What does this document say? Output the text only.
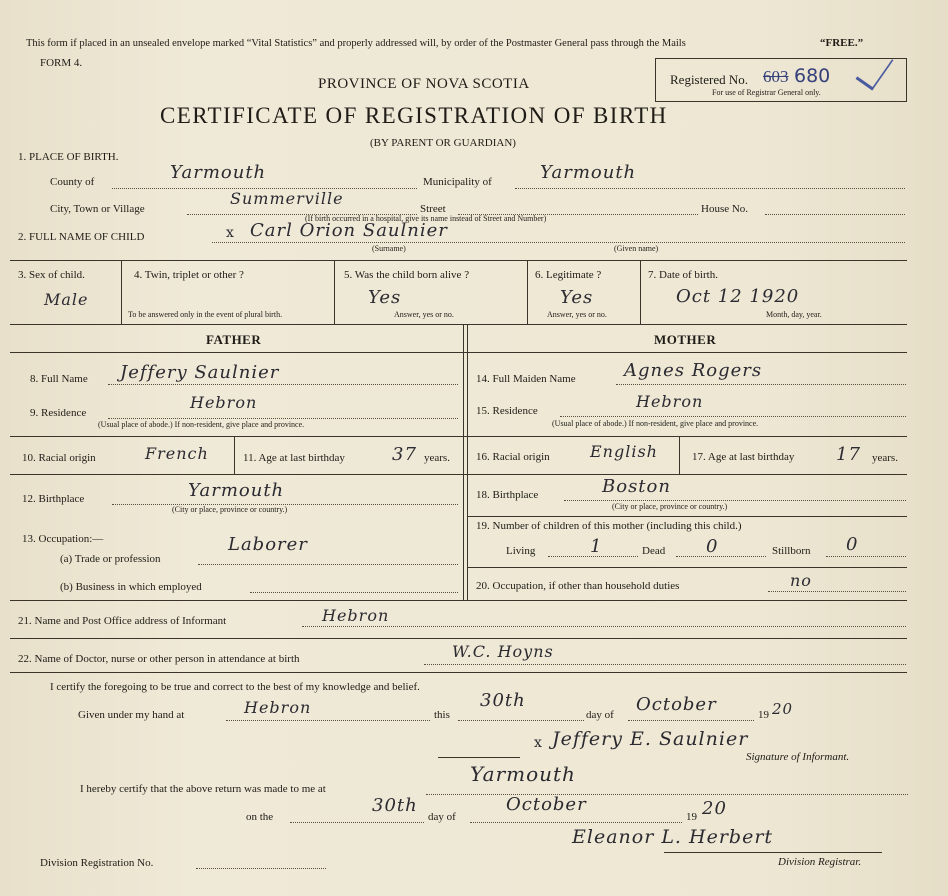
This form if placed in an unsealed envelope marked “Vital Statistics” and properly addressed will, by order of the Postmaster General pass through the Mails	“FREE.”
FORM 4.
PROVINCE OF NOVA SCOTIA
CERTIFICATE OF REGISTRATION OF BIRTH
(BY PARENT OR GUARDIAN)
Registered No. 603 680
For use of Registrar General only.
1. PLACE OF BIRTH.
County of	Yarmouth	Municipality of	Yarmouth
City, Town or Village
Summerville
Street	House No.
(If birth occurred in a hospital, give its name instead of Street and Number)
2. FULL NAME OF CHILD	x Carl Orion Saulnier
(Surname)	(Given name)
3. Sex of child.
Male
4. Twin, triplet or other ?
To be answered only in the event of plural birth.
5. Was the child born alive ?
Yes
Answer, yes or no.
6. Legitimate ?
Yes
Answer, yes or no.
7. Date of birth.
Oct 12 1920
Month, day, year.
FATHER	MOTHER
8. Full Name Jeffery Saulnier
9. Residence
Hebron
(Usual place of abode.) If non-resident, give place and province.
10. Racial origin	French	11. Age at last birthday	37 years.
12. Birthplace	Yarmouth
(City or place, province or country.)
13. Occupation:—
(a) Trade or profession
Laborer
(b) Business in which employed
14. Full Maiden Name	Agnes Rogers
15. Residence	Hebron
(Usual place of abode.) If non-resident, give place and province.
16. Racial origin	English	17. Age at last birthday 17 years.
18. Birthplace	Boston
(City or place, province or country.)
19. Number of children of this mother (including this child.)
Living	1	Dead 0	Stillborn 0
20. Occupation, if other than household duties	no
21. Name and Post Office address of Informant	Hebron
22. Name of Doctor, nurse or other person in attendance at birth	W.C. Hoyns
I certify the foregoing to be true and correct to the best of my knowledge and belief.
Given under my hand at	Hebron	this
30th
day of October	19 20
x Jeffery E. Saulnier
Signature of Informant.
I hereby certify that the above return was made to me at
Yarmouth
on the
30th
day of
October
19 20
Eleanor L. Herbert
Division Registration No.	Division Registrar.
